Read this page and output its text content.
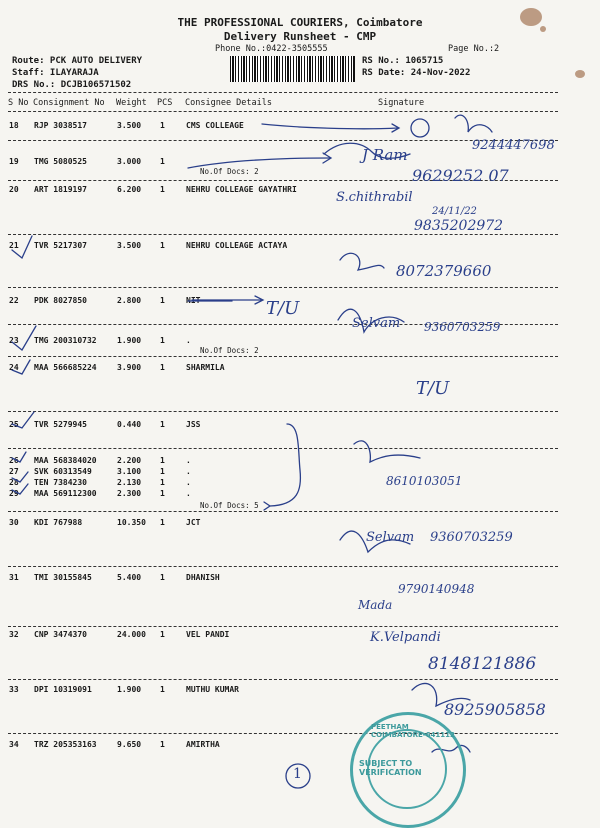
THE PROFESSIONAL COURIERS, Coimbatore
Delivery Runsheet - CMP
Phone No.:0422-3505555	Page No.:2
Route: PCK AUTO DELIVERY
Staff: ILAYARAJA
DRS No.: DCJB106571502
RS No.: 1065715
RS Date: 24-Nov-2022
S No Consignment No Weight PCS Consignee Details	Signature
18 RJP 3038517	3.500 1	CMS COLLEAGE
19 TMG 5080525	3.000 1
No.Of Docs: 2
20 ART 1819197	6.200 1	NEHRU COLLEAGE GAYATHRI
21 TVR 5217307	3.500 1	NEHRU COLLEAGE ACTAYA
22 PDK 8027850	2.800 1	NIT
23 TMG 200310732	1.900 1	.
No.Of Docs: 2
24 MAA 566685224	3.900 1	SHARMILA
25 TVR 5279945	0.440 1	JSS
26 MAA 568384020	2.200 1	.
27 SVK 60313549	3.100 1	.
28 TEN 7384230	2.130 1	.
29 MAA 569112300	2.300 1	.
No.Of Docs: 5
30 KDI 767988	10.350 1	JCT
31 TMI 30155845	5.400 1	DHANISH
32 CNP 3474370	24.000 1	VEL PANDI
33 DPI 10319091	1.900 1	MUTHU KUMAR
34 TRZ 205353163	9.650 1	AMIRTHA
9244447698
J Ram
9629252 07
S.chithrabil
24/11/22
9835202972
8072379660
T/U
Selvam 9360703259
T/U
8610103051
Selvam 9360703259
Mada
9790140948
K.Velpandi
8148121886
8925905858
1
PEETHAM COIMBATORE-641112
SUBJECT TO VERIFICATION
